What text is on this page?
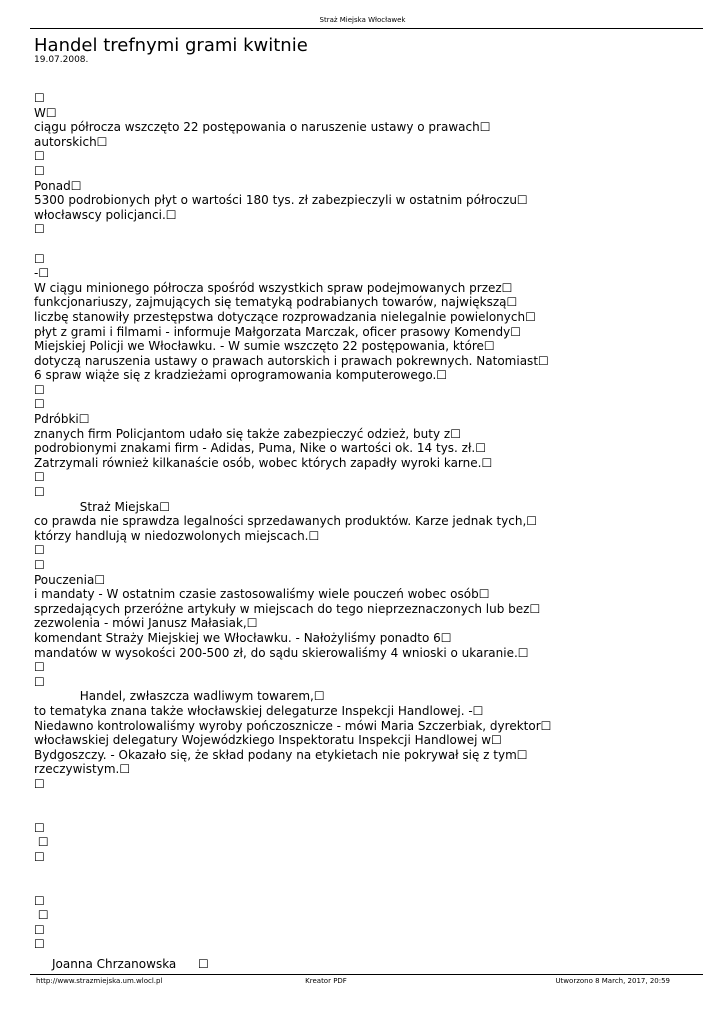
Straż Miejska Włocławek
Handel trefnymi grami kwitnie
19.07.2008.
☐
W☐
ciągu półrocza wszczęto 22 postępowania o naruszenie ustawy o prawach☐
autorskich☐
☐
☐
Ponad☐
5300 podrobionych płyt o wartości 180 tys. zł zabezpieczyli w ostatnim półroczu☐
włocławscy policjanci.☐
☐
☐
-☐
W ciągu minionego półrocza spośród wszystkich spraw podejmowanych przez☐
funkcjonariuszy, zajmujących się tematyką podrabianych towarów, największą☐
liczbę stanowiły przestępstwa dotyczące rozprowadzania nielegalnie powielonych☐
płyt z grami i filmami - informuje Małgorzata Marczak, oficer prasowy Komendy☐
Miejskiej Policji we Włocławku. - W sumie wszczęto 22 postępowania, które☐
dotyczą naruszenia ustawy o prawach autorskich i prawach pokrewnych. Natomiast☐
6 spraw wiąże się z kradzieżami oprogramowania komputerowego.☐
☐
☐
Pdróbki☐
znanych firm Policjantom udało się także zabezpieczyć odzież, buty z☐
podrobionymi znakami firm - Adidas, Puma, Nike o wartości ok. 14 tys. zł.☐
Zatrzymali również kilkanaście osób, wobec których zapadły wyroki karne.☐
☐
☐
Straż Miejska☐
co prawda nie sprawdza legalności sprzedawanych produktów. Karze jednak tych,☐
którzy handlują w niedozwolonych miejscach.☐
☐
☐
Pouczenia☐
i mandaty - W ostatnim czasie zastosowaliśmy wiele pouczeń wobec osób☐
sprzedających przeróżne artykuły w miejscach do tego nieprzeznaczonych lub bez☐
zezwolenia - mówi Janusz Małasiak,☐
komendant Straży Miejskiej we Włocławku. - Nałożyliśmy ponadto 6☐
mandatów w wysokości 200-500 zł, do sądu skierowaliśmy 4 wnioski o ukaranie.☐
☐
☐
Handel, zwłaszcza wadliwym towarem,☐
to tematyka znana także włocławskiej delegaturze Inspekcji Handlowej. -☐
Niedawno kontrolowaliśmy wyroby pończosznicze - mówi Maria Szczerbiak, dyrektor☐
włocławskiej delegatury Wojewódzkiego Inspektoratu Inspekcji Handlowej w☐
Bydgoszczy. - Okazało się, że skład podany na etykietach nie pokrywał się z tym☐
rzeczywistym.☐
☐
☐
☐
☐
☐
☐
☐
☐
Joanna Chrzanowska ☐
http://www.strazmiejska.um.wlocl.pl	Kreator PDF	Utworzono 8 March, 2017, 20:59
